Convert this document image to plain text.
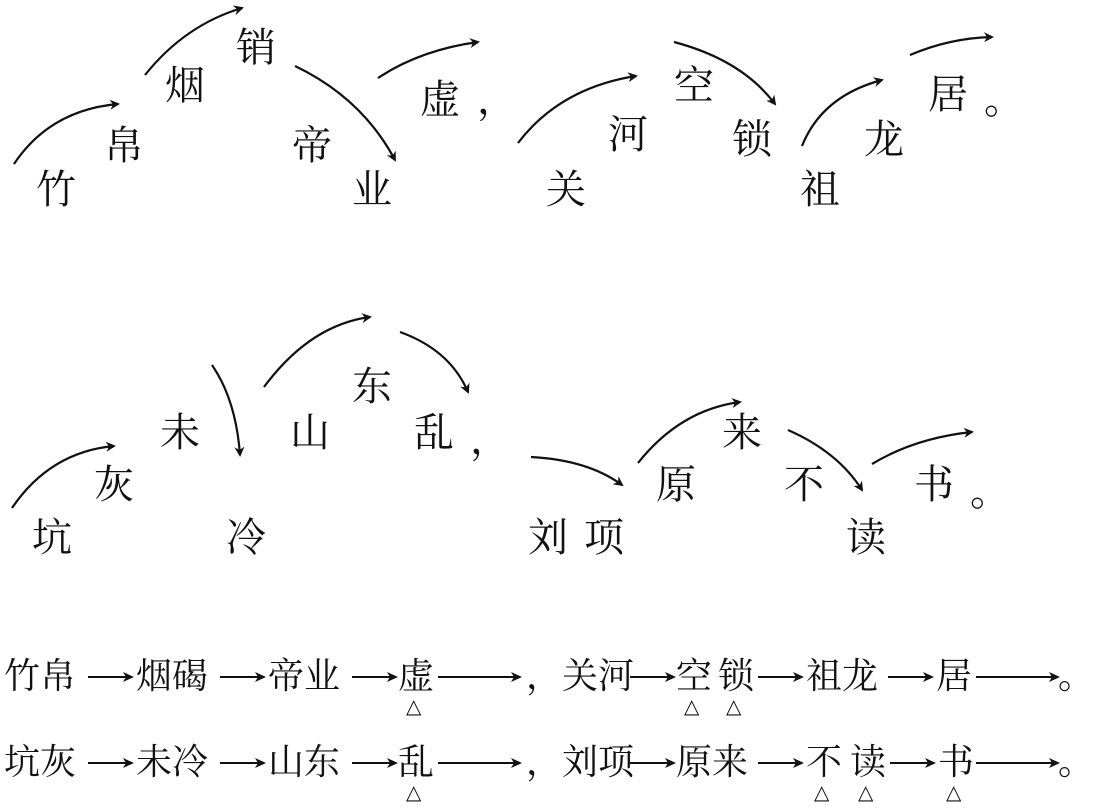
竹
帛
烟
销
帝
业
虚 ，
关
河
空
锁
祖
龙
居 。
坑
灰
未
冷
山
东
乱 ，
刘 项
原
来
不
读
书 。
竹帛 烟碣 帝业 虚
△
，关河 空
△
锁
△
祖龙 居 。
坑灰 未冷 山东 乱
△
，刘项 原来 不
△
读
△
书
△
。
